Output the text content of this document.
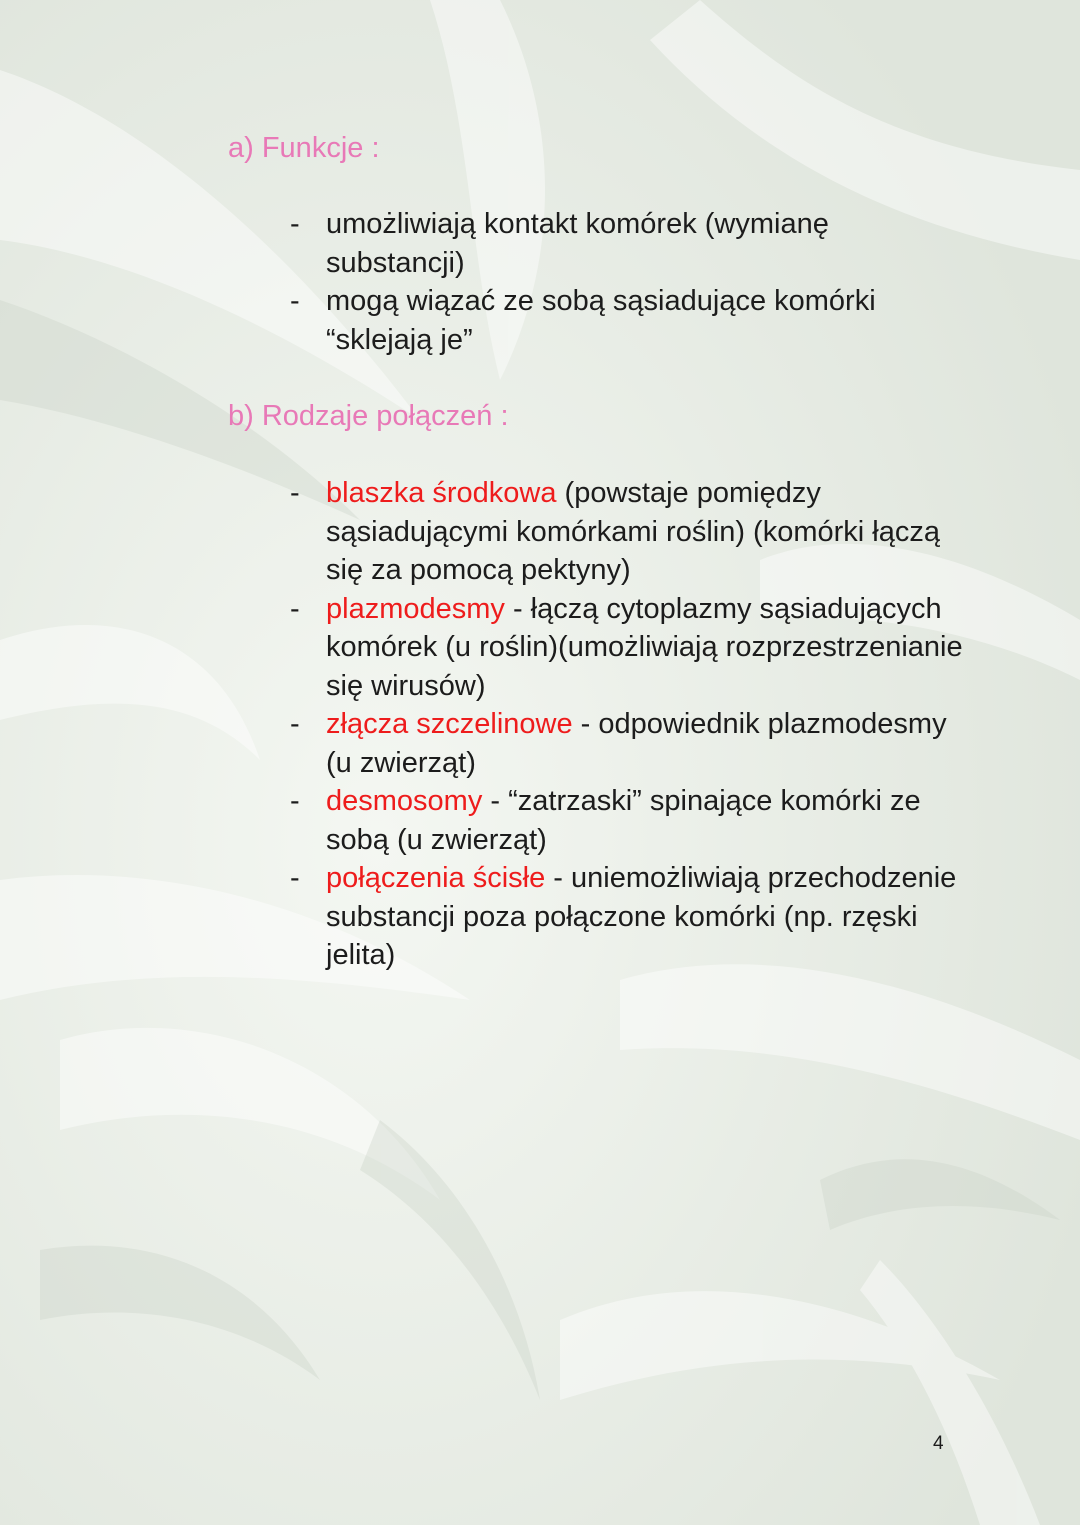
a) Funkcje :
- umożliwiają kontakt komórek (wymianę substancji)
- mogą wiązać ze sobą sąsiadujące komórki “sklejają je”
b) Rodzaje połączeń :
- blaszka środkowa (powstaje pomiędzy sąsiadującymi komórkami roślin) (komórki łączą się za pomocą pektyny)
- plazmodesmy - łączą cytoplazmy sąsiadujących komórek (u roślin)(umożliwiają rozprzestrzenianie się wirusów)
- złącza szczelinowe - odpowiednik plazmodesmy (u zwierząt)
- desmosomy - “zatrzaski” spinające komórki ze sobą (u zwierząt)
- połączenia ścisłe - uniemożliwiają przechodzenie substancji poza połączone komórki (np. rzęski jelita)
4
